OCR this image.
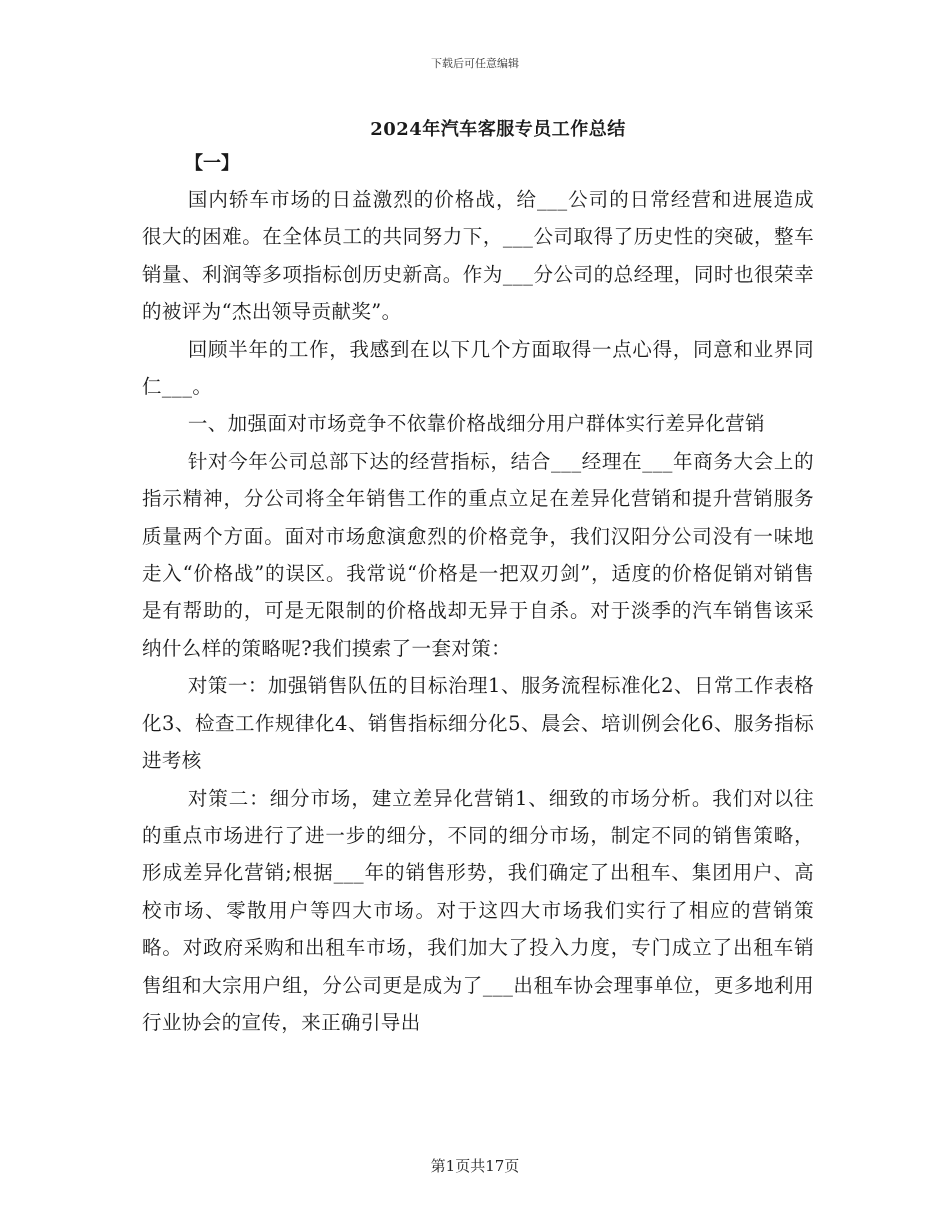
下载后可任意编辑
2024年汽车客服专员工作总结
【一】

国内轿车市场的日益激烈的价格战，给___公司的日常经营和进展造成很大的困难。在全体员工的共同努力下，___公司取得了历史性的突破，整车销量、利润等多项指标创历史新高。作为___分公司的总经理，同时也很荣幸的被评为“杰出领导贡献奖”。

回顾半年的工作，我感到在以下几个方面取得一点心得，同意和业界同仁___。

一、加强面对市场竞争不依靠价格战细分用户群体实行差异化营销

针对今年公司总部下达的经营指标，结合___经理在___年商务大会上的指示精神，分公司将全年销售工作的重点立足在差异化营销和提升营销服务质量两个方面。面对市场愈演愈烈的价格竞争，我们汉阳分公司没有一味地走入“价格战”的误区。我常说“价格是一把双刃剑”，适度的价格促销对销售是有帮助的，可是无限制的价格战却无异于自杀。对于淡季的汽车销售该采纳什么样的策略呢?我们摸索了一套对策：

对策一：加强销售队伍的目标治理1、服务流程标准化2、日常工作表格化3、检查工作规律化4、销售指标细分化5、晨会、培训例会化6、服务指标进考核

对策二：细分市场，建立差异化营销1、细致的市场分析。我们对以往的重点市场进行了进一步的细分，不同的细分市场，制定不同的销售策略，形成差异化营销;根据___年的销售形势，我们确定了出租车、集团用户、高校市场、零散用户等四大市场。对于这四大市场我们实行了相应的营销策略。对政府采购和出租车市场，我们加大了投入力度，专门成立了出租车销售组和大宗用户组，分公司更是成为了___出租车协会理事单位，更多地利用行业协会的宣传，来正确引导出

第1页共17页
